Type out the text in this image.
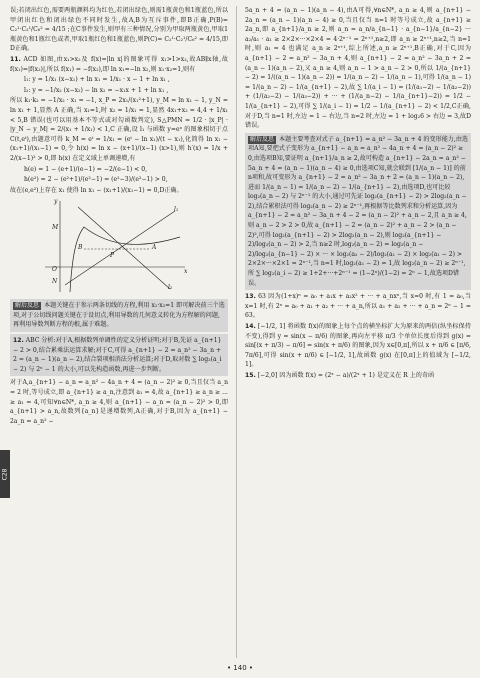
误;若闭出红色,需要两瓶颜料均为红色,若闭出绿色,则需1瓶黄色和1瓶蓝色,所以甲闭出红色和闭出绿色不同时发生,故A,B为互斥事件,即B正确,P(B)= C₂¹·C₂¹/C₆² = 4/15 ;在C事件发生,则甲有三种情况,分别为甲取两瓶黄色,甲取1瓶黄色和1瓶红色或者,甲取1瓶红色和1瓶蓝色,则P(C)= C₂¹·C₂¹/C₆² = 4/15,即D正确。

11. ACD 如图,由x₁>x₂及 f(x)=|ln x|的图象可得 x₁>1>x₂,故AB∥x轴,故 f(x₁)=|f(x₂)|,所以 f(x₁) = −f(x₂),即 ln x₁=−ln x₂,则 x₁·x₂=1,则有

l₁: y = 1/x₁ (x−x₁) + ln x₁ = 1/x₁ · x − 1 + ln x₁ ,

l₂: y = −1/x₂ (x−x₂) − ln x₂ = −x₁x + 1 + ln x₁ ,

所以 k₁·k₂ = −1/x₂ · x₁ = −1, x_P = 2x₁/(x₁²+1), y_M = ln x₁ − 1, y_N = ln x₁ + 1,显然 A 正确,当 x₁=1,时 x₂ = 1/x₁ = 1,显然 4x₁+x₂ = 4,4 + 1/x₁ < 5,B 错误(也可以用基本不等式或对勾函数判定), S△PMN = 1/2 · |x_P| · |y_N − y_M| = 2/(x₁ + 1/x₁) < 1,C 正确,设 l₁ 与函数 y=eˣ 的图象相切于点 C(t,eᵗ),由题意可得 k_M = eᵗ = 1/x₁ = (eᵗ − ln x₁)/(t − x₁),化简得 ln x₁ − (x₁+1)/(x₁−1) = 0,令 h(x) = ln x − (x+1)/(x−1) (x>1),则 h′(x) = 1/x + 2/(x−1)² > 0,即 h(x) 在定义域上单调递增,有

h(e) = 1 − (e+1)/(e−1) = −2/(e−1) < 0,

h(e²) = 2 − (e²+1)/(e²−1) = (e²−3)/(e²−1) > 0,

故在(e,e²)上存在 x₁ 使得 ln x₁ − (x₁+1)/(x₁−1) = 0,D正确。

y
l₁
l₂
A
B
P
M
N
O	x
解后反思 本题关键在于参示两条切线的方程,利用 x₁·x₂=1 即可解决前三个选项,对于公切线问题关键在于设切点,利用导数的几何意义转化为方程解的问题,再利用导数判断方程的根,属于难题。
12. ABC 分析:对于A,根据数列单调性的定义分析证明;对于B,先证 a_{n+1} − 2 > 0,结合累乘法运算求解;对于C,可得 a_{n+1} − 2 = a_n² − 3a_n + 2 = (a_n − 1)(a_n − 2),结合裂项相消法分析运算;对于D,取对数 ∑ log₂(a_i − 2) 与 2ⁿ − 1 的大小,可以先构造函数,再进一步判断。

对于A,a_{n+1} − a_n = a_n² − 4a_n + 4 = (a_n − 2)² ≥ 0,当且仅当 a_n = 2 时,等号成立,即 a_{n+1} ≥ a_n,注意到 a₁ = 4,故 a_{n+1} ≥ a_n ≥ ... ≥ a₁ = 4,可知∀n∈N*, a_n ≥ 4,则 a_{n+1} − a_n = (a_n − 2)² > 0,即 a_{n+1} > a_n,故数列{a_n}是递增数列,A正确,对于B,因为 a_{n+1} − 2a_n = a_n² −

5a_n + 4 = (a_n − 1)(a_n − 4),由A可得,∀n∈N*, a_n ≥ 4,则 a_{n+1} − 2a_n = (a_n − 1)(a_n − 4) ≥ 0,当且仅当 n=1 时等号成立,故 a_{n+1} ≥ 2a_n,即 a_{n+1}/a_n ≥ 2,则 a_n = a_n/a_{n−1} · a_{n−1}/a_{n−2} ··· a₂/a₁ · a₁ ≥ 2×2×···×2×4 = 4·2ⁿ⁻¹ = 2ⁿ⁺¹,n≥2,即 a_n ≥ 2ⁿ⁺¹,n≥2,当 n=1 时,则 a₁ = 4 也满足 a_n ≥ 2ⁿ⁺¹,综上所述,a_n ≥ 2ⁿ⁺¹,B正确,对于C,因为 a_{n+1} − 2 = a_n² − 3a_n + 4,则 a_{n+1} − 2 = a_n² − 3a_n + 2 = (a_n − 1)(a_n − 2),又 a_n ≥ 4,则 a_n − 1 > a_n − 2 > 0,所以 1/(a_{n+1} − 2) = 1/((a_n − 1)(a_n − 2)) = 1/(a_n − 2) − 1/(a_n − 1),可得 1/(a_n − 1) = 1/(a_n − 2) − 1/(a_{n+1} − 2),故 ∑ 1/(a_i − 1) = (1/(a₁−2) − 1/(a₂−2)) + (1/(a₂−2) − 1/(a₃−2)) + ··· + (1/(a_n−2) − 1/(a_{n+1}−2)) = 1/2 − 1/(a_{n+1} − 2),可得 ∑ 1/(a_i − 1) = 1/2 − 1/(a_{n+1} − 2) < 1/2,C正确,对于D,当 n=1 时,左边 = 1 − 右边,当 n=2 时,左边 = 1 + log₂6 > 右边 = 3,故D错误。

解后反思 本题主要考查对式子 a_{n+1} = a_n² − 3a_n + 4 的变形能力,由选项A知,要把式子变形为 a_{n+1} − a_n = a_n² − 4a_n + 4 = (a_n − 2)² ≥ 0,由选项B知,要证明 a_{n+1}/a_n ≥ 2,故可构造 a_{n+1} − 2a_n = a_n² − 5a_n + 4 = (a_n − 1)(a_n − 4) ≥ 0,由选项C知,就会联到 [1/(a_n − 1)] 的前n项和,故可变形为 a_{n+1} − 2 = a_n² − 3a_n + 2 = (a_n − 1)(a_n − 2),进而 1/(a_n − 1) = 1/(a_n − 2) − 1/(a_{n+1} − 2),由选项D,也可比较 log₂(a_n − 2) 与 2ⁿ⁻¹ 的大小,通过可先证 log₂(a_{n+1} − 2) > 2log₂(a_n − 2),结合累积法可得 log₂(a_n − 2) ≥ 2ⁿ⁻¹,再根据等比数列求和分析运算,因为 a_{n+1} − 2 = a_n² − 3a_n + 4 − 2 = (a_n − 2)² + a_n − 2,且 a_n ≥ 4,则 a_n − 2 > 2 > 0,故 a_{n+1} − 2 = (a_n − 2)² + a_n − 2 > (a_n − 2)²,可得 log₂(a_{n+1} − 2) > 2log₂(a_n − 2),则 log₂(a_{n+1} − 2)/log₂(a_n − 2) > 2,当 n≥2 时,log₂(a_n − 2) = log₂(a_n − 2)/log₂(a_{n−1} − 2) × ··· × log₂(a₂ − 2)/log₂(a₁ − 2) × log₂(a₁ − 2) > 2×2×···×2×1 = 2ⁿ⁻¹,当 n=1 时,log₂(a₁ − 2) = 1,故 log₂(a_n − 2) ≥ 2ⁿ⁻¹,所 ∑ log₂(a_i − 2) ≥ 1+2+···+2ⁿ⁻¹ = (1−2ⁿ)/(1−2) = 2ⁿ − 1,故选项D错误。

13. 63 因为(1+x)ⁿ = a₀ + a₁x + a₂x² + ··· + a_nxⁿ,当 x=0 时,有 1 = a₀,当 x=1 时,有 2ⁿ = a₀ + a₁ + a₂ + ··· + a_n,所以 a₁ + a₂ + ··· + a_n = 2ⁿ − 1 = 63。

14. [−1/2, 1] 将函数 f(x)的图象上每个点的横坐标扩大为原来的两倍(纵坐标保持不变),得到 y = sin(x − π/6) 的图象,再向左平移 π/3 个单位长度后得到 g(x) = sin[(x + π/3) − π/6] = sin(x + π/6) 的图象,因为 x∈[0,π],所以 x + π/6 ∈ [π/6, 7π/6],可得 sin(x + π/6) ∈ [−1/2, 1],故函数 g(x) 在[0,π]上的值域为 [−1/2, 1]。

15. [−2,0] 因为函数 f(x) = (2ˣ − a)/(2ˣ + 1) 是定义在 R 上的奇函

C28
• 140 •
